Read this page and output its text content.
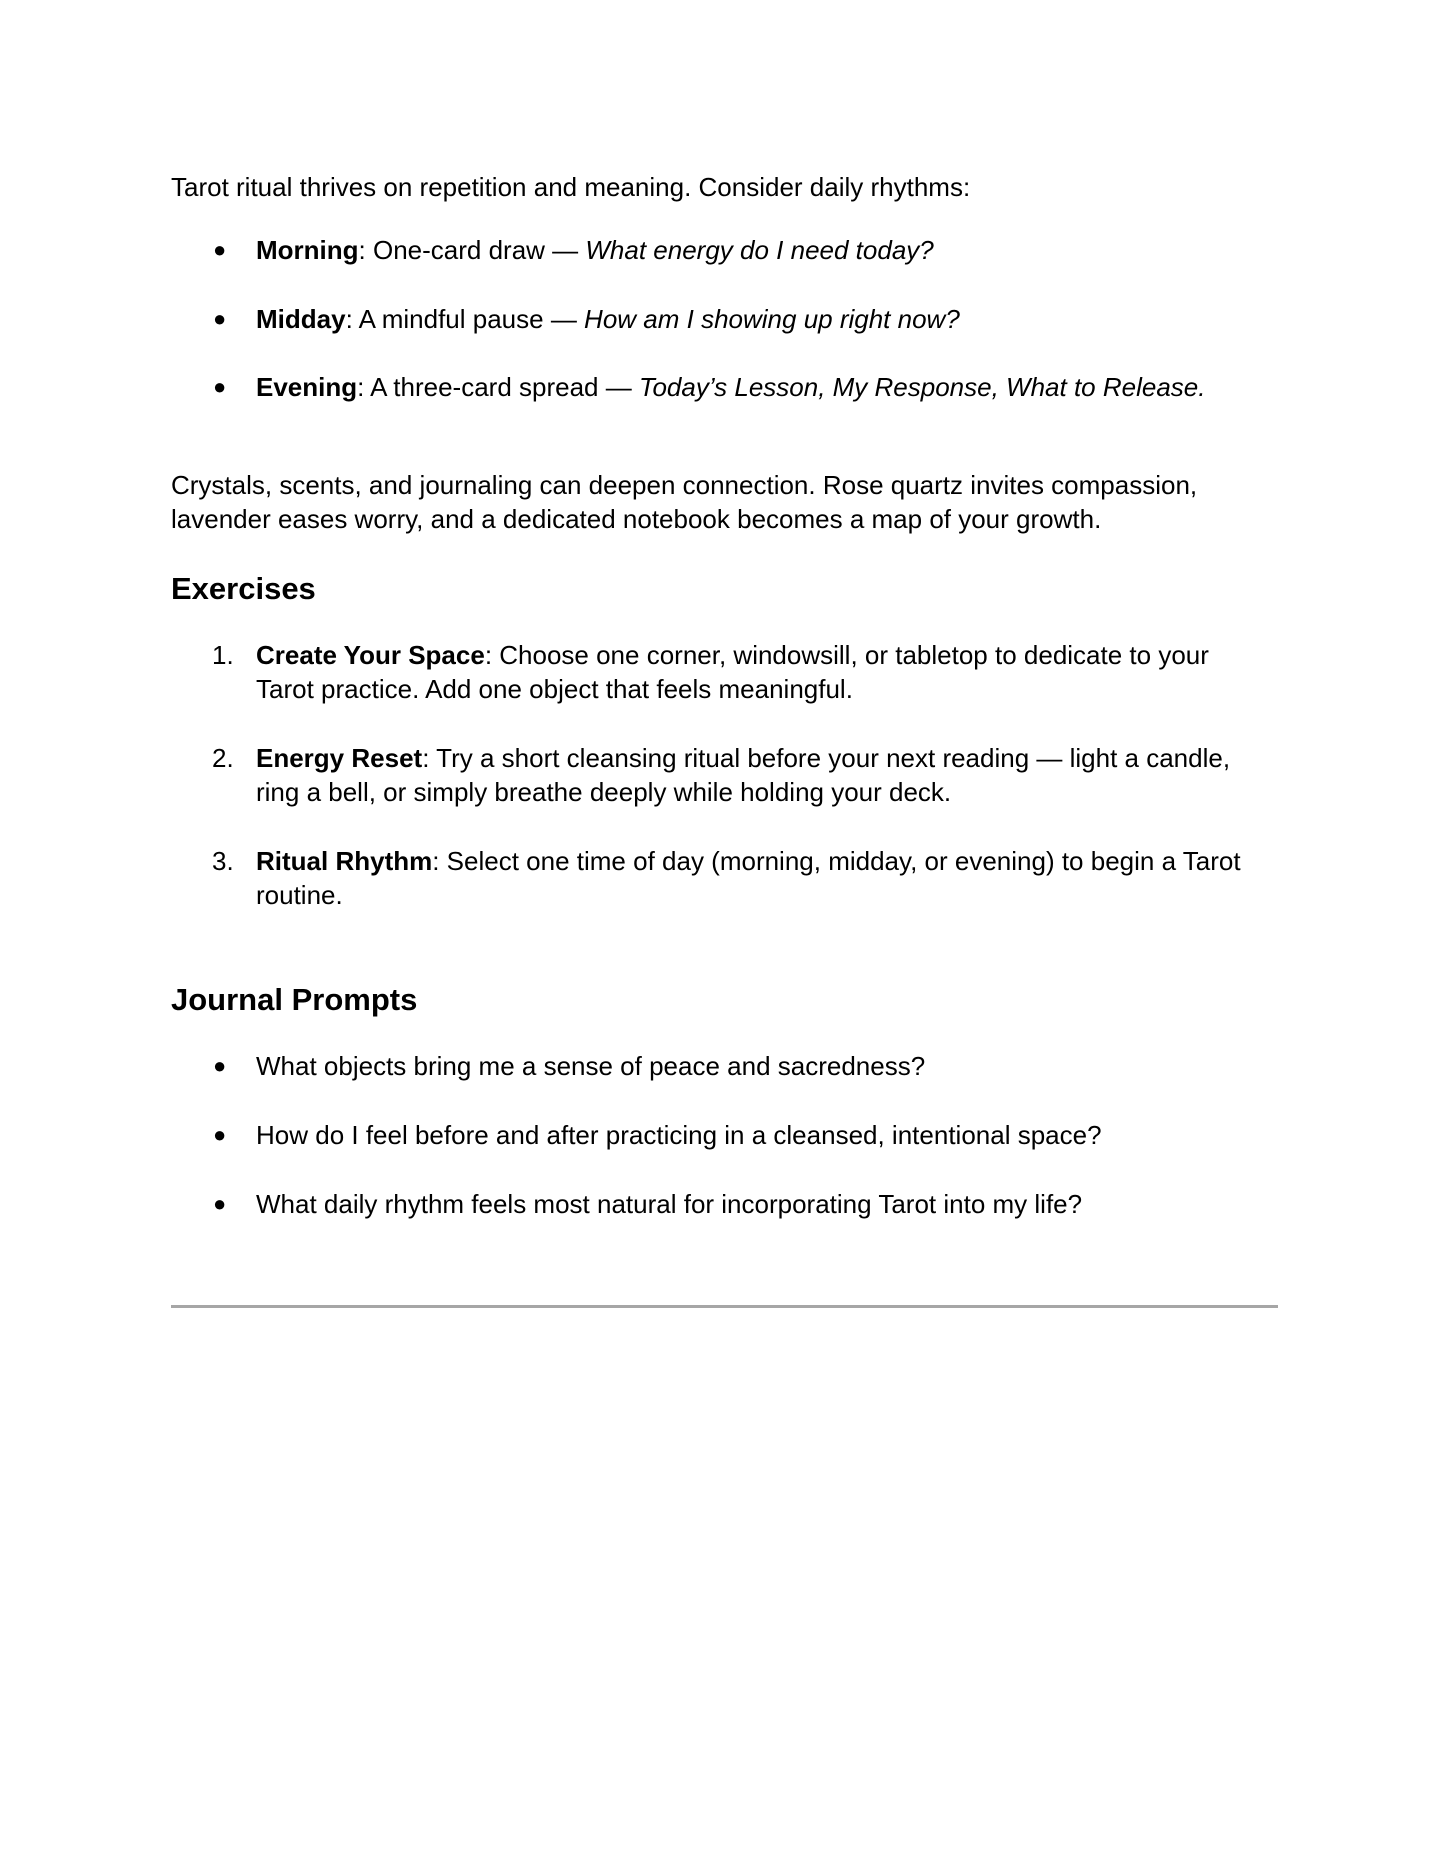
Tarot ritual thrives on repetition and meaning. Consider daily rhythms:

● Morning: One-card draw — What energy do I need today?
● Midday: A mindful pause — How am I showing up right now?
● Evening: A three-card spread — Today’s Lesson, My Response, What to Release.

Crystals, scents, and journaling can deepen connection. Rose quartz invites compassion,
lavender eases worry, and a dedicated notebook becomes a map of your growth.

Exercises
1. Create Your Space: Choose one corner, windowsill, or tabletop to dedicate to your
Tarot practice. Add one object that feels meaningful.
2. Energy Reset: Try a short cleansing ritual before your next reading — light a candle,
ring a bell, or simply breathe deeply while holding your deck.
3. Ritual Rhythm: Select one time of day (morning, midday, or evening) to begin a Tarot
routine.
Journal Prompts
● What objects bring me a sense of peace and sacredness?
● How do I feel before and after practicing in a cleansed, intentional space?
● What daily rhythm feels most natural for incorporating Tarot into my life?
